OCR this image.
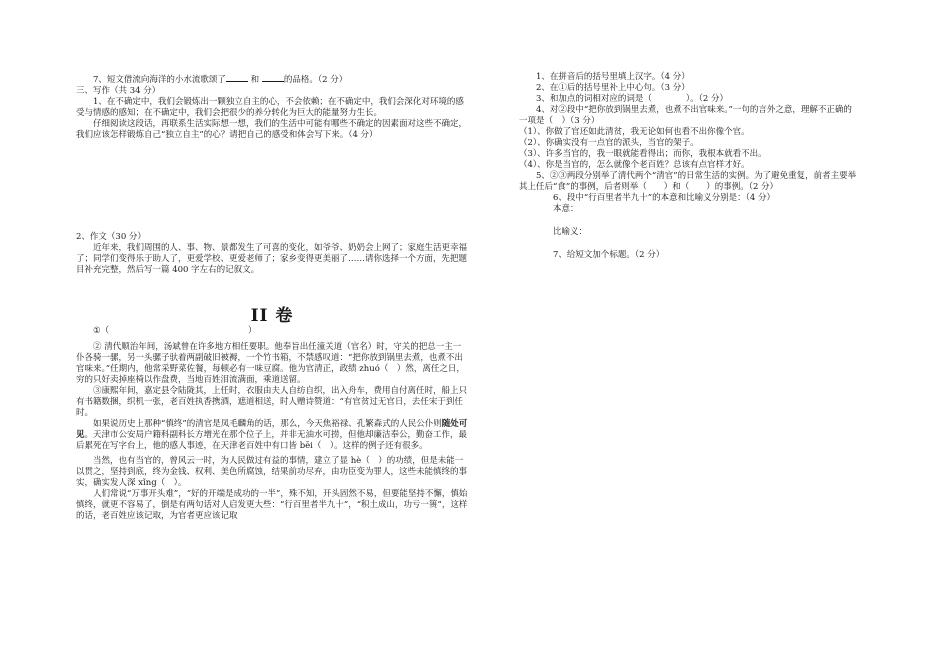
7、短文借流向海洋的小水流歌颂了	和	的品格。（2 分）

三、写作（共 34 分）

1、在不确定中，我们会锻炼出一颗独立自主的心，不会依赖；在不确定中，我们会深化对环境的感受与情感的感知；在不确定中，我们会把很少的养分转化为巨大的能量努力生长。

仔细阅读这段话，再联系生活实际想一想，我们的生活中可能有哪些不确定的因素面对这些不确定，我们应该怎样锻炼自己“独立自主”的心？请把自己的感受和体会写下来。（4 分）

2、作文（30 分）

近年来，我们周围的人、事、物、景都发生了可喜的变化，如爷爷、奶奶会上网了；家庭生活更幸福了；同学们变得乐于助人了，更爱学校、更爱老师了；家乡变得更美丽了……请你选择一个方面，先把题目补充完整，然后写一篇 400 字左右的记叙文。

II 卷

①（	）

② 清代顺治年间，汤斌曾在许多地方相任要职。他奉旨出任潼关道（官名）时，守关的把总一主一仆各骑一骡，另一头骡子驮着两副破旧被褥，一个竹书箱，不禁感叹道：“把你放到锅里去煮，也煮不出官味来。”任期内，他常采野菜佐餐，每顿必有一味豆腐。他为官清正，政绩 zhuó（　）然，离任之日，穷的只好卖掉座椅以作盘费，当地百姓泪流满面，乘道送留。

③康熙年间，嘉定县令陆陇其，上任时，衣服由夫人自纺自织，出入舟车，费用自付离任时，船上只有书籍数捆，织机一张，老百姓执香携酒，遮道相送，时人赠诗赞道：“有官贫过无官日，去任宋于到任时。

如果说历史上那种“慎终”的清官是凤毛麟角的话，那么，今天焦裕禄、孔繁森式的人民公仆则随处可见。天津市公安局户籍科副科长方增光在那个位子上，并非无油水可捞，但他却廉洁奉公，勤奋工作，最后累死在写字台上，他的感人事迹，在天津老百姓中有口皆 bēi（　）。这样的例子还有很多。

当然，也有当官的，曾风云一时，为人民做过有益的事情，建立了显 hè（　）的功绩，但是未能一以贯之，坚持到底，终为金钱、权利、美色所腐蚀，结果前功尽弃，由功臣变为罪人，这些未能慎终的事实，确实发人深 xǐng（　）。

人们常说“万事开头难”，“好的开端是成功的一半”，殊不知，开头固然不易，但要能坚持不懈，慎始慎终，就更不容易了，倒是有两句话对人启发更大些：“行百里者半九十”，“积土成山，功亏一篑”，这样的话，老百姓应该记取，为官者更应该记取

1、在拼音后的括号里填上汉字。（4 分）

2、在①后的括号里补上中心句。（3 分）

3、和加点的词相对应的词是（　　　　）。（2 分）

4、对②段中“把你放到锅里去煮，也煮不出官味来。”一句的言外之意，理解不正确的一项是（　）（3 分）

（1）、你做了官还如此清贫，我无论如何也看不出你像个官。

（2）、你确实没有一点官的派头，当官的架子。

（3）、许多当官的，我一眼就能看得出；而你，我根本就看不出。

（4）、你是当官的，怎么就像个老百姓？总该有点官样才好。

5、②③两段分别举了清代两个“清官”的日常生活的实例。为了避免重复，前者主要举其上任后“食”的事例，后者则举（　　）和（　　）的事例。（2 分）

6、段中“行百里者半九十”的本意和比喻义分别是：（4 分）

本意：

比喻义：

7、给短文加个标题。（2 分）
